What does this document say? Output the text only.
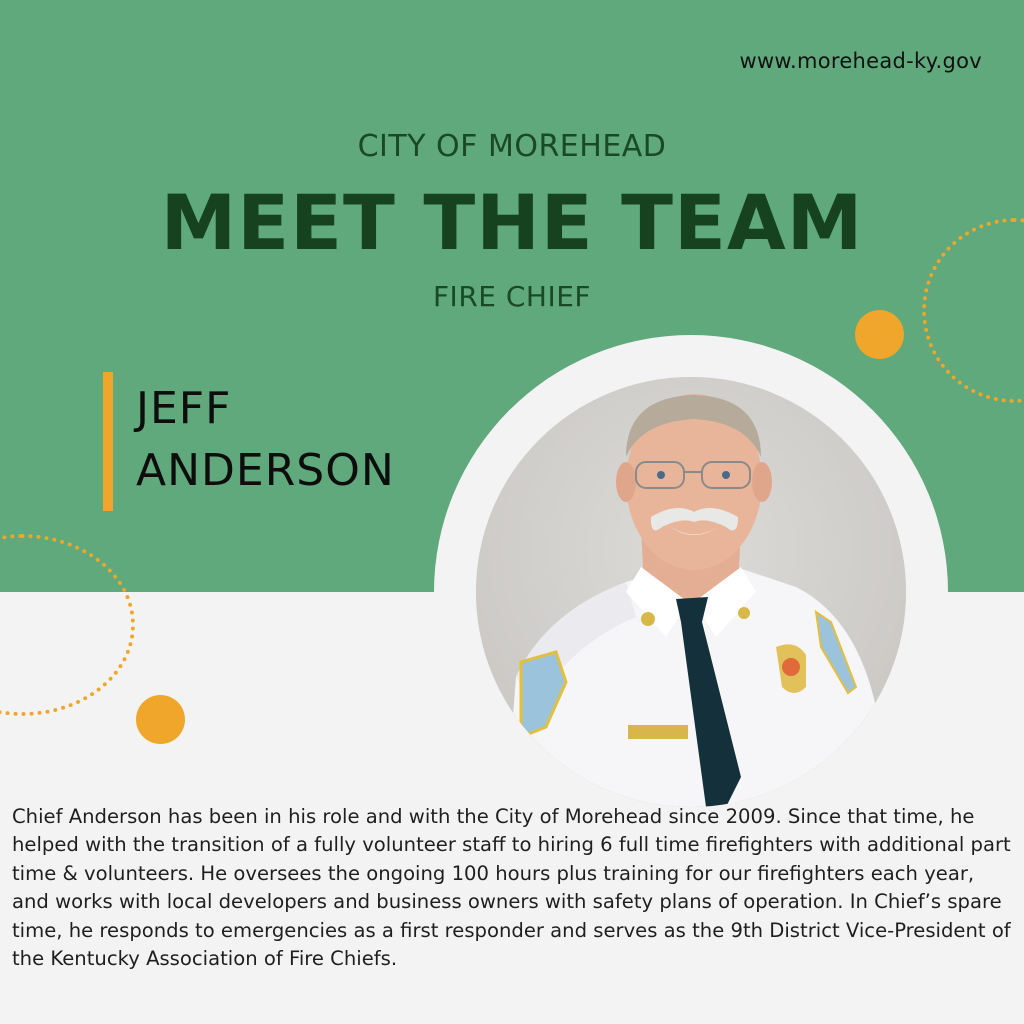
www.morehead-ky.gov
CITY OF MOREHEAD
MEET THE TEAM
FIRE CHIEF
JEFF
ANDERSON
Chief Anderson has been in his role and with the City of Morehead since 2009. Since that time, he helped with the transition of a fully volunteer staff to hiring 6 full time firefighters with additional part time & volunteers. He oversees the ongoing 100 hours plus training for our firefighters each year, and works with local developers and business owners with safety plans of operation. In Chief’s spare time, he responds to emergencies as a first responder and serves as the 9th District Vice-President of the Kentucky Association of Fire Chiefs.
